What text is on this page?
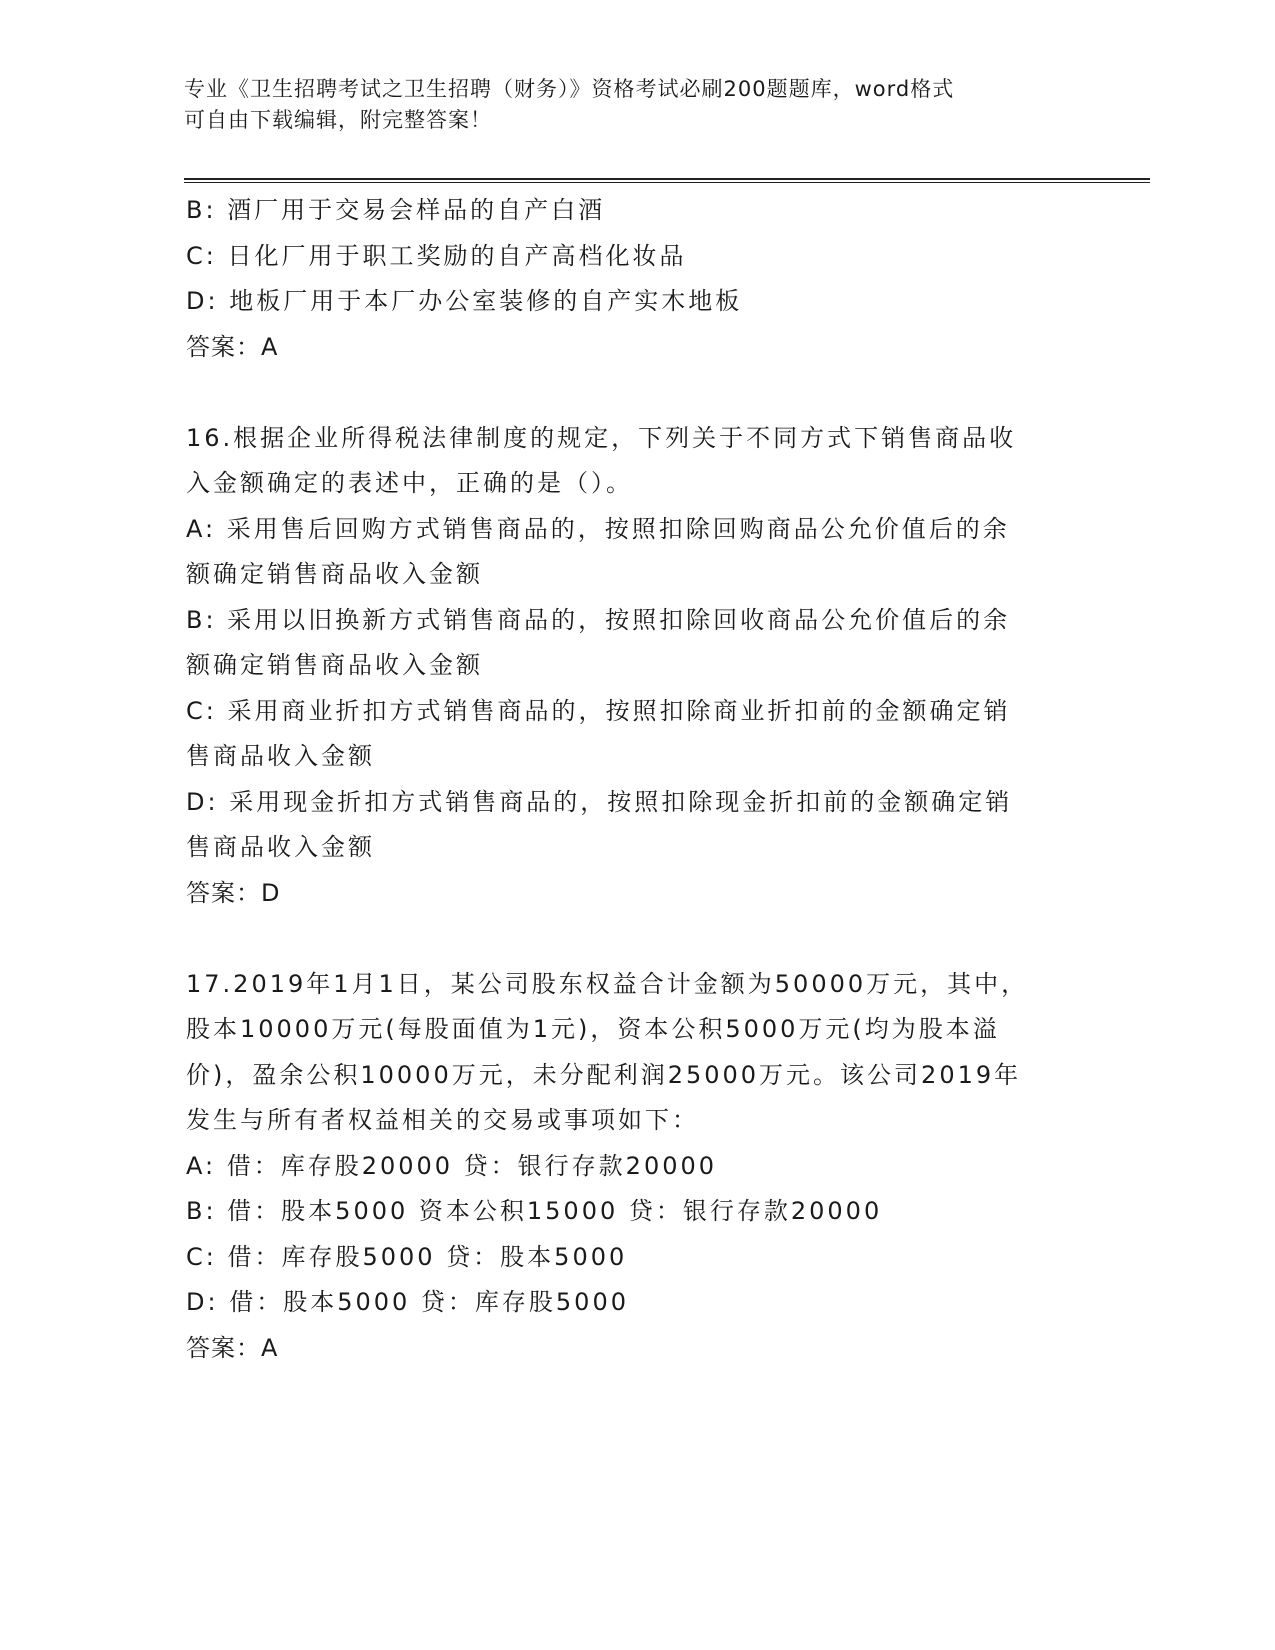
专业《卫生招聘考试之卫生招聘（财务）》资格考试必刷200题题库，word格式
可自由下载编辑，附完整答案！
B: 酒厂用于交易会样品的自产白酒
C: 日化厂用于职工奖励的自产高档化妆品
D: 地板厂用于本厂办公室装修的自产实木地板
答案：A
16.根据企业所得税法律制度的规定，下列关于不同方式下销售商品收
入金额确定的表述中，正确的是（）。
A: 采用售后回购方式销售商品的，按照扣除回购商品公允价值后的余
额确定销售商品收入金额
B: 采用以旧换新方式销售商品的，按照扣除回收商品公允价值后的余
额确定销售商品收入金额
C: 采用商业折扣方式销售商品的，按照扣除商业折扣前的金额确定销
售商品收入金额
D: 采用现金折扣方式销售商品的，按照扣除现金折扣前的金额确定销
售商品收入金额
答案：D
17.2019年1月1日，某公司股东权益合计金额为50000万元，其中，
股本10000万元(每股面值为1元)，资本公积5000万元(均为股本溢
价)，盈余公积10000万元，未分配利润25000万元。该公司2019年
发生与所有者权益相关的交易或事项如下：
A: 借：库存股20000 贷：银行存款20000
B: 借：股本5000 资本公积15000 贷：银行存款20000
C: 借：库存股5000 贷：股本5000
D: 借：股本5000 贷：库存股5000
答案：A
